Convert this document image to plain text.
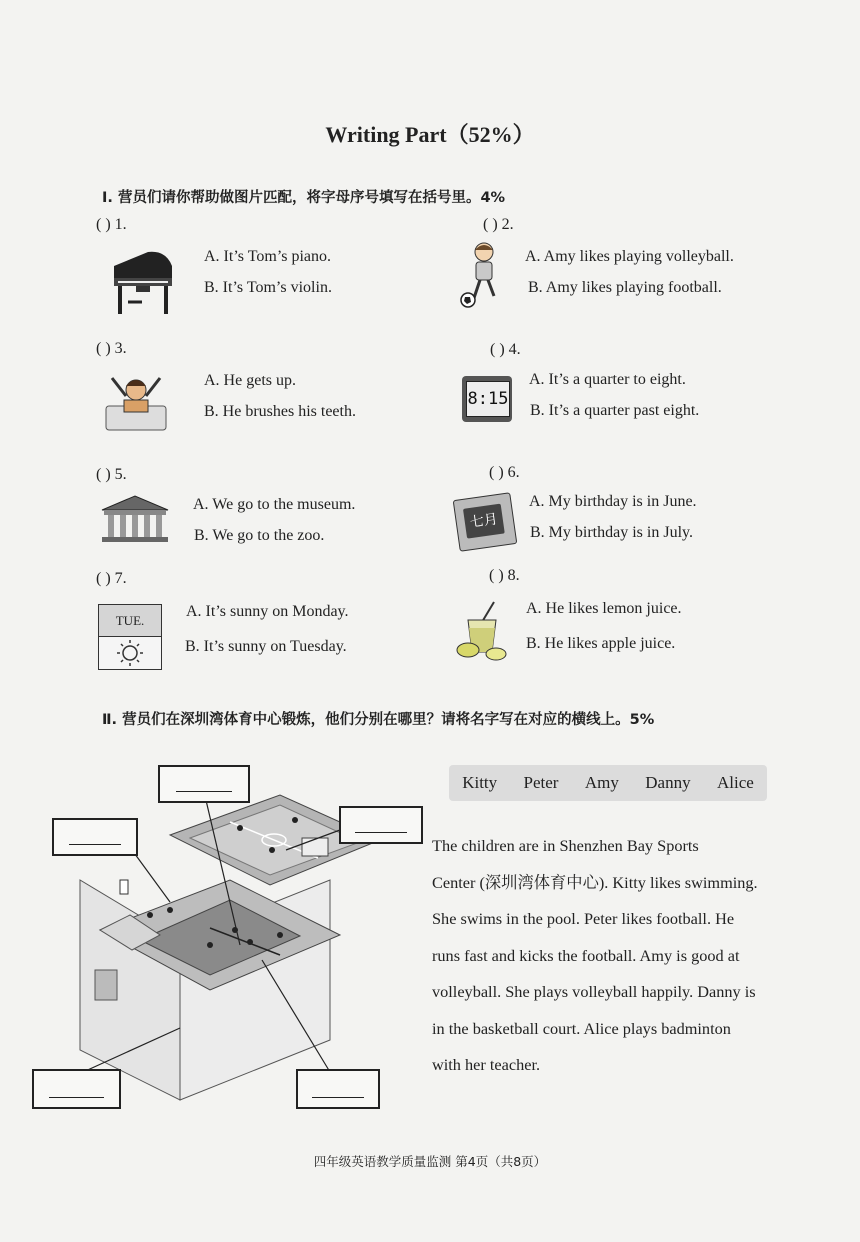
Writing Part（52%）
Ⅰ. 营员们请你帮助做图片匹配，将字母序号填写在括号里。4%
( ) 1.
A. It’s Tom’s piano.
B. It’s Tom’s violin.
( ) 2.
A. Amy likes playing volleyball.
B. Amy likes playing football.
( ) 3.
A. He gets up.
B. He brushes his teeth.
( ) 4.
8:15
A. It’s a quarter to eight.
B. It’s a quarter past eight.
( ) 5.
A. We go to the museum.
B. We go to the zoo.
( ) 6.
七月
A. My birthday is in June.
B. My birthday is in July.
( ) 7.
TUE.
A. It’s sunny on Monday.
B. It’s sunny on Tuesday.
( ) 8.
A. He likes lemon juice.
B. He likes apple juice.
Ⅱ. 营员们在深圳湾体育中心锻炼，他们分别在哪里？请将名字写在对应的横线上。5%
Kitty Peter Amy Danny Alice
The children are in Shenzhen Bay Sports
Center (深圳湾体育中心). Kitty likes swimming.
She swims in the pool. Peter likes football. He
runs fast and kicks the football. Amy is good at
volleyball. She plays volleyball happily. Danny is
in the basketball court. Alice plays badminton
with her teacher.
四年级英语教学质量监测 第4页（共8页）
